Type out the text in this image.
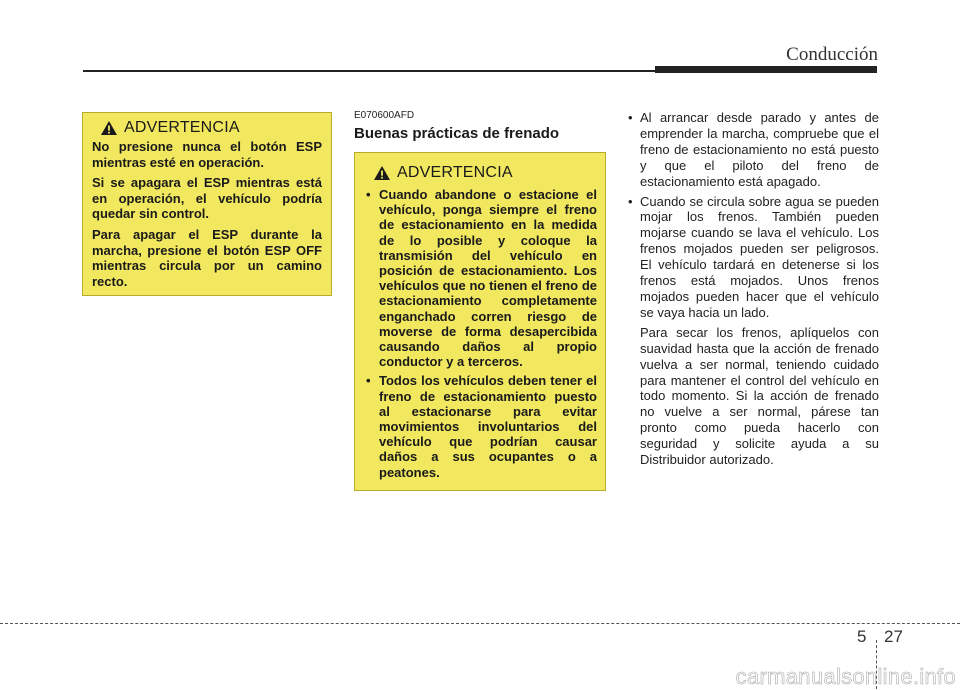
Conducción
ADVERTENCIA

No presione nunca el botón ESP mientras esté en operación.

Si se apagara el ESP mientras está en operación, el vehículo podría quedar sin control.

Para apagar el ESP durante la marcha, presione el botón ESP OFF mientras circula por un camino recto.

E070600AFD
Buenas prácticas de frenado
ADVERTENCIA
• Cuando abandone o estacione el vehículo, ponga siempre el freno de estacionamiento en la medida de lo posible y coloque la transmisión del vehículo en posición de estacionamiento. Los vehículos que no tienen el freno de estacionamiento completamente enganchado corren riesgo de moverse de forma desapercibida causando daños al propio conductor y a terceros.
• Todos los vehículos deben tener el freno de estacionamiento puesto al estacionarse para evitar movimientos involuntarios del vehículo que podrían causar daños a sus ocupantes o a peatones.
• Al arrancar desde parado y antes de emprender la marcha, compruebe que el freno de estacionamiento no está puesto y que el piloto del freno de estacionamiento está apagado.

• Cuando se circula sobre agua se pueden mojar los frenos. También pueden mojarse cuando se lava el vehículo. Los frenos mojados pueden ser peligrosos. El vehículo tardará en detenerse si los frenos está mojados. Unos frenos mojados pueden hacer que el vehículo se vaya hacia un lado.

Para secar los frenos, aplíquelos con suavidad hasta que la acción de frenado vuelva a ser normal, teniendo cuidado para mantener el control del vehículo en todo momento. Si la acción de frenado no vuelve a ser normal, párese tan pronto como pueda hacerlo con seguridad y solicite ayuda a su Distribuidor autorizado.

5 27
carmanualsonline.info
